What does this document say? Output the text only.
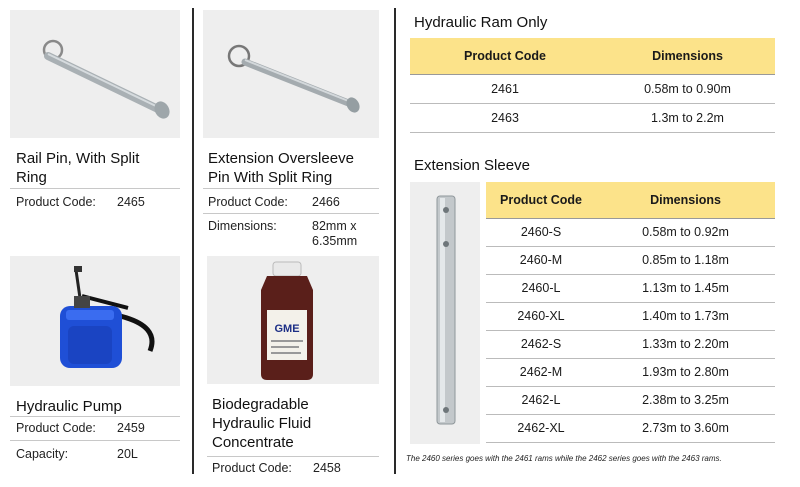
Rail Pin, With Split
Ring
Product Code: 2465
Hydraulic Pump
Product Code: 2459
Capacity:	20L
Extension Oversleeve
Pin With Split Ring
Product Code: 2466
Dimensions:	82mm x
6.35mm
GME
Biodegradable
Hydraulic Fluid
Concentrate
Product Code: 2458
Hydraulic Ram Only
Product Code	Dimensions
2461	0.58m to 0.90m
2463	1.3m to 2.2m
Extension Sleeve
Product Code	Dimensions
2460-S	0.58m to 0.92m
2460-M	0.85m to 1.18m
2460-L	1.13m to 1.45m
2460-XL	1.40m to 1.73m
2462-S	1.33m to 2.20m
2462-M	1.93m to 2.80m
2462-L	2.38m to 3.25m
2462-XL	2.73m to 3.60m
The 2460 series goes with the 2461 rams while the 2462 series goes with the 2463 rams.
